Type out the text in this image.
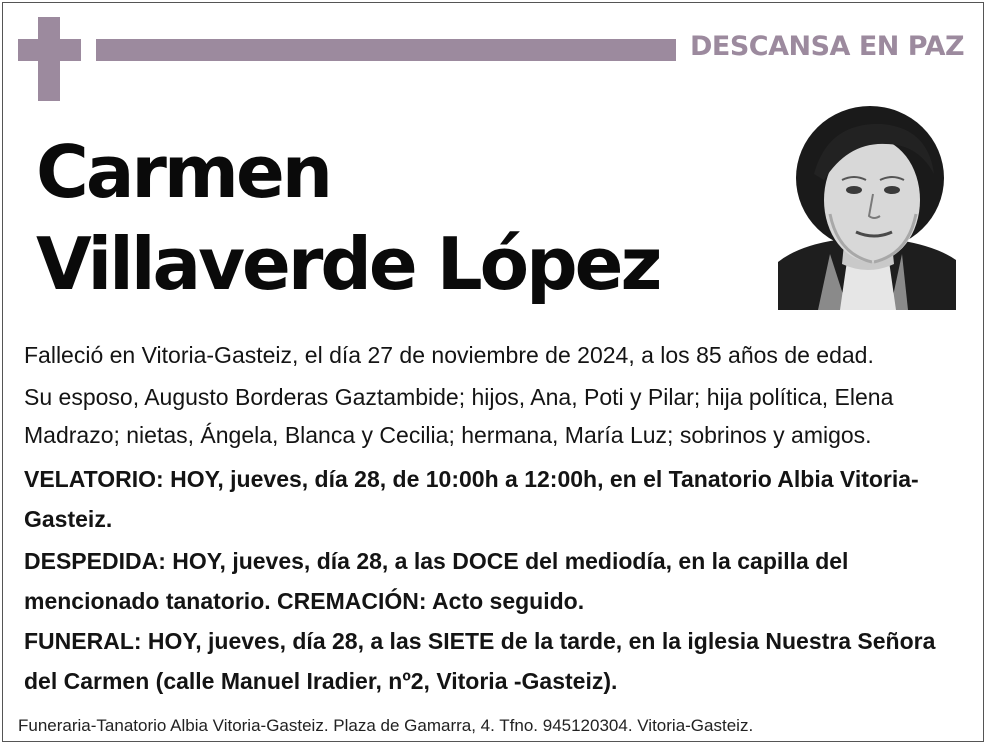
DESCANSA EN PAZ
Carmen
Villaverde López

Falleció en Vitoria-Gasteiz, el día 27 de noviembre de 2024, a los 85 años de edad.

Su esposo, Augusto Borderas Gaztambide; hijos, Ana, Poti y Pilar; hija política, Elena Madrazo; nietas, Ángela, Blanca y Cecilia; hermana, María Luz; sobrinos y amigos.

VELATORIO: HOY, jueves, día 28, de 10:00h a 12:00h, en el Tanatorio Albia Vitoria-Gasteiz.

DESPEDIDA: HOY, jueves, día 28, a las DOCE del mediodía, en la capilla del mencionado tanatorio. CREMACIÓN: Acto seguido.

FUNERAL: HOY, jueves, día 28, a las SIETE de la tarde, en la iglesia Nuestra Señora del Carmen (calle Manuel Iradier, nº2, Vitoria -Gasteiz).

Funeraria-Tanatorio Albia Vitoria-Gasteiz. Plaza de Gamarra, 4. Tfno. 945120304. Vitoria-Gasteiz.
